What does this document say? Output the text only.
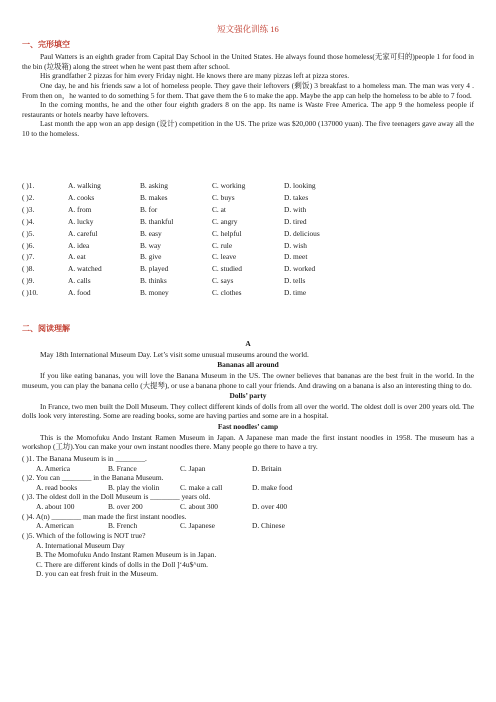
短文强化训练 16
一、完形填空

Paul Watters is an eighth grader from Capital Day School in the United States. He always found those homeless(无家可归的)people 1 for food in the bin (垃圾箱) along the street when he went past them after school.

His grandfather 2 pizzas for him every Friday night. He knows there are many pizzas left at pizza stores.

One day, he and his friends saw a lot of homeless people. They gave their leftovers (剩饭) 3 breakfast to a homeless man. The man was very 4 . From then on，he wanted to do something 5 for them. That gave them the 6 to make the app. Maybe the app can help the homeless to be able to 7 food.

In the coming months, he and the other four eighth graders 8 on the app. Its name is Waste Free America. The app 9 the homeless people if restaurants or hotels nearby have leftovers.

Last month the app won an app design (设计) competition in the US. The prize was $20,000 (137000 yuan). The five teenagers gave away all the 10 to the homeless.

( )1.	A. walking	B. asking	C. working	D. looking
( )2.	A. cooks	B. makes	C. buys	D. takes
( )3.	A. from	B. for	C. at	D. with
( )4.	A. lucky	B. thankful	C. angry	D. tired
( )5.	A. careful	B. easy	C. helpful	D. delicious
( )6.	A. idea	B. way	C. rule	D. wish
( )7.	A. eat	B. give	C. leave	D. meet
( )8.	A. watched	B. played	C. studied	D. worked
( )9.	A. calls	B. thinks	C. says	D. tells
( )10.	A. food	B. money	C. clothes	D. time
二、阅读理解
A

May 18th International Museum Day. Let’s visit some unusual museums around the world.

Bananas all around

If you like eating bananas, you will love the Banana Museum in the US. The owner believes that bananas are the best fruit in the world. In the museum, you can play the banana cello (大提琴), or use a banana phone to call your friends. And drawing on a banana is also an interesting thing to do.

Dolls’ party

In France, two men built the Doll Museum. They collect different kinds of dolls from all over the world. The oldest doll is over 200 years old. The dolls look very interesting. Some are reading books, some are having parties and some are in a hospital.

Fast noodles’ camp

This is the Momofuku Ando Instant Ramen Museum in Japan. A Japanese man made the first instant noodles in 1958. The museum has a workshop (工坊).You can make your own instant noodles there. Many people go there to have a try.

( )1. The Banana Museum is in ________.
A. America	B. France	C. Japan	D. Britain
( )2. You can ________ in the Banana Museum.
A. read books	B. play the violin	C. make a call	D. make food
( )3. The oldest doll in the Doll Museum is ________ years old.
A. about 100	B. over 200	C. about 300	D. over 400
( )4. A(n) ________ man made the first instant noodles.
A. American	B. French	C. Japanese	D. Chinese
( )5. Which of the following is NOT true?
A. International Museum Day
B. The Momofuku Ando Instant Ramen Museum is in Japan.
C. There are different kinds of dolls in the Doll ]‘4u$^um.
D. you can eat fresh fruit in the Museum.
